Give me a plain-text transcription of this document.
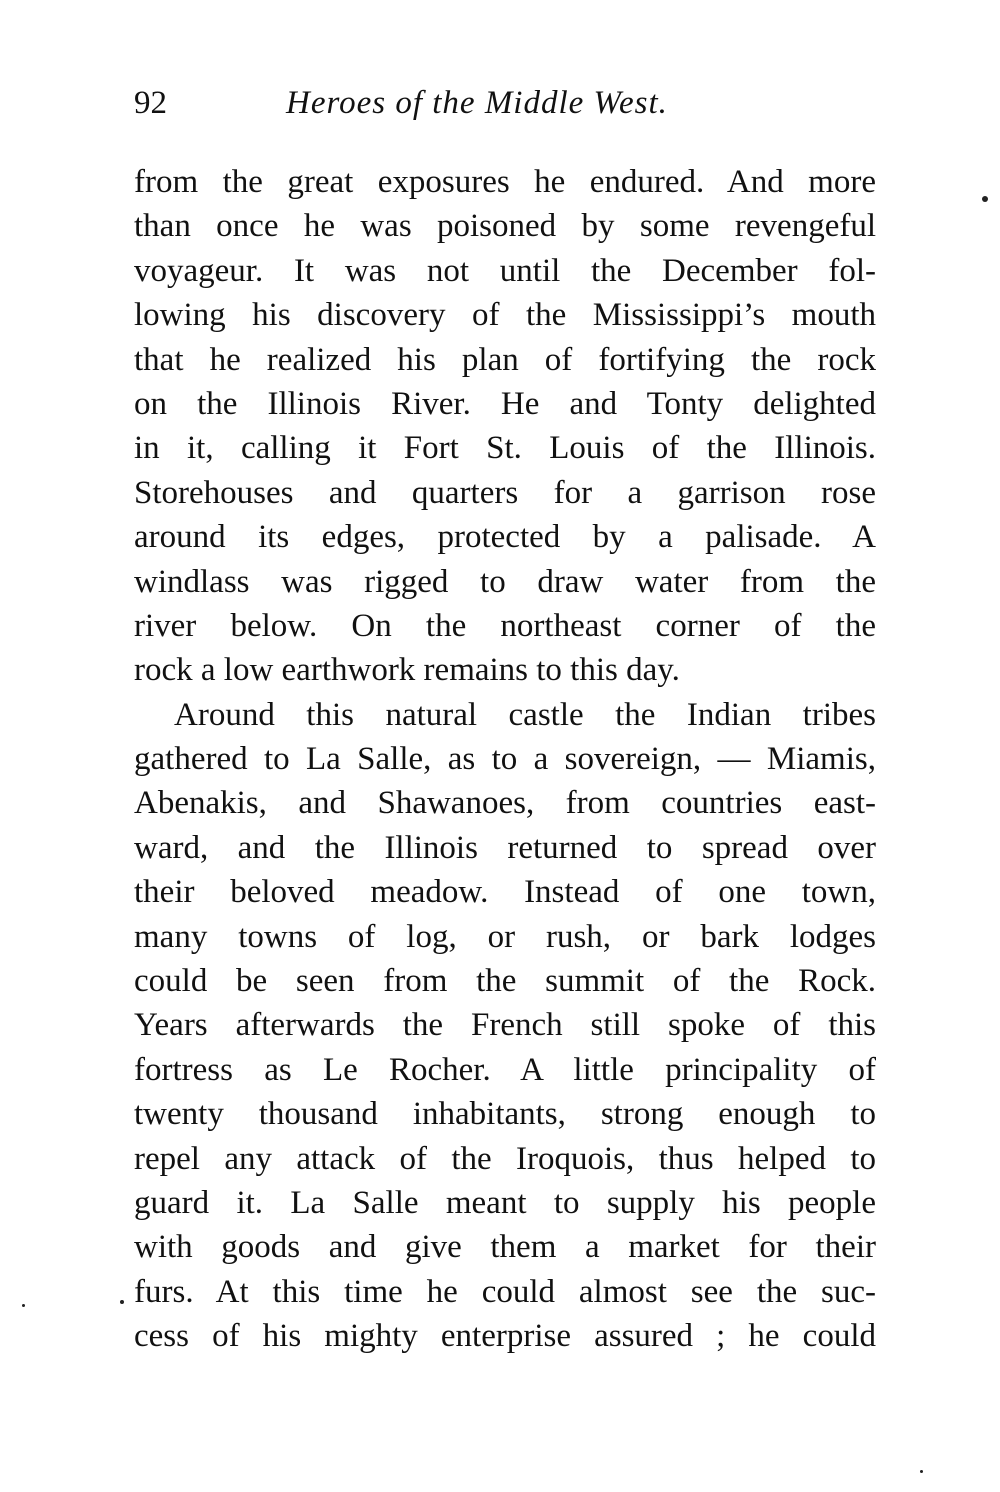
92	Heroes of the Middle West.
from the great exposures he endured. And more
than once he was poisoned by some revengeful
voyageur. It was not until the December fol-
lowing his discovery of the Mississippi’s mouth
that he realized his plan of fortifying the rock
on the Illinois River. He and Tonty delighted
in it, calling it Fort St. Louis of the Illinois.
Storehouses and quarters for a garrison rose
around its edges, protected by a palisade. A
windlass was rigged to draw water from the
river below. On the northeast corner of the
rock a low earthwork remains to this day.
Around this natural castle the Indian tribes
gathered to La Salle, as to a sovereign, — Miamis,
Abenakis, and Shawanoes, from countries east-
ward, and the Illinois returned to spread over
their beloved meadow. Instead of one town,
many towns of log, or rush, or bark lodges
could be seen from the summit of the Rock.
Years afterwards the French still spoke of this
fortress as Le Rocher. A little principality of
twenty thousand inhabitants, strong enough to
repel any attack of the Iroquois, thus helped to
guard it. La Salle meant to supply his people
with goods and give them a market for their
furs. At this time he could almost see the suc-
cess of his mighty enterprise assured ; he could
